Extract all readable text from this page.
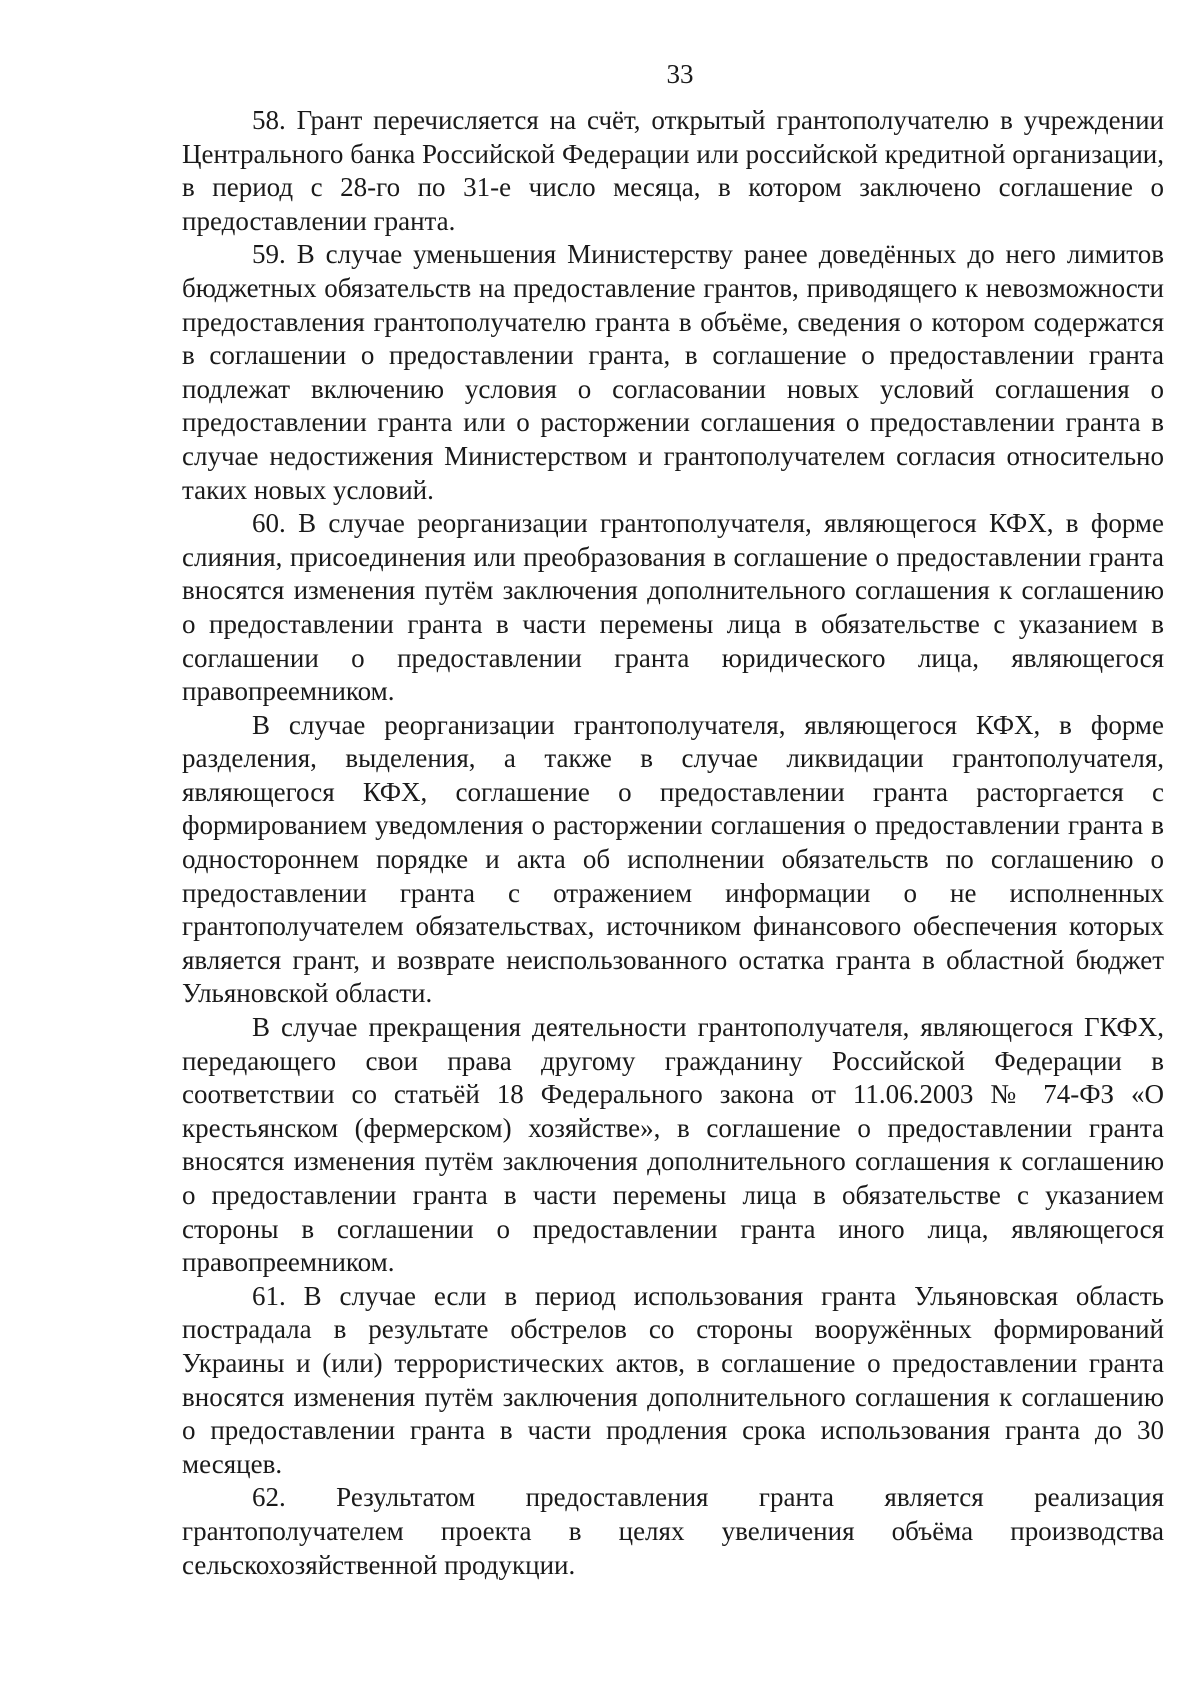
33

58. Грант перечисляется на счёт, открытый грантополучателю в учреждении Центрального банка Российской Федерации или российской кредитной организации, в период с 28-го по 31-е число месяца, в котором заключено соглашение о предоставлении гранта.

59. В случае уменьшения Министерству ранее доведённых до него лимитов бюджетных обязательств на предоставление грантов, приводящего к невозможности предоставления грантополучателю гранта в объёме, сведения о котором содержатся в соглашении о предоставлении гранта, в соглашение о предоставлении гранта подлежат включению условия о согласовании новых условий соглашения о предоставлении гранта или о расторжении соглашения о предоставлении гранта в случае недостижения Министерством и грантополучателем согласия относительно таких новых условий.

60. В случае реорганизации грантополучателя, являющегося КФХ, в форме слияния, присоединения или преобразования в соглашение о предоставлении гранта вносятся изменения путём заключения дополнительного соглашения к соглашению о предоставлении гранта в части перемены лица в обязательстве с указанием в соглашении о предоставлении гранта юридического лица, являющегося правопреемником.

В случае реорганизации грантополучателя, являющегося КФХ, в форме разделения, выделения, а также в случае ликвидации грантополучателя, являющегося КФХ, соглашение о предоставлении гранта расторгается с формированием уведомления о расторжении соглашения о предоставлении гранта в одностороннем порядке и акта об исполнении обязательств по соглашению о предоставлении гранта с отражением информации о не исполненных грантополучателем обязательствах, источником финансового обеспечения которых является грант, и возврате неиспользованного остатка гранта в областной бюджет Ульяновской области.

В случае прекращения деятельности грантополучателя, являющегося ГКФХ, передающего свои права другому гражданину Российской Федерации в соответствии со статьёй 18 Федерального закона от 11.06.2003 № 74-ФЗ «О крестьянском (фермерском) хозяйстве», в соглашение о предоставлении гранта вносятся изменения путём заключения дополнительного соглашения к соглашению о предоставлении гранта в части перемены лица в обязательстве с указанием стороны в соглашении о предоставлении гранта иного лица, являющегося правопреемником.

61. В случае если в период использования гранта Ульяновская область пострадала в результате обстрелов со стороны вооружённых формирований Украины и (или) террористических актов, в соглашение о предоставлении гранта вносятся изменения путём заключения дополнительного соглашения к соглашению о предоставлении гранта в части продления срока использования гранта до 30 месяцев.

62. Результатом предоставления гранта является реализация грантополучателем проекта в целях увеличения объёма производства сельскохозяйственной продукции.
